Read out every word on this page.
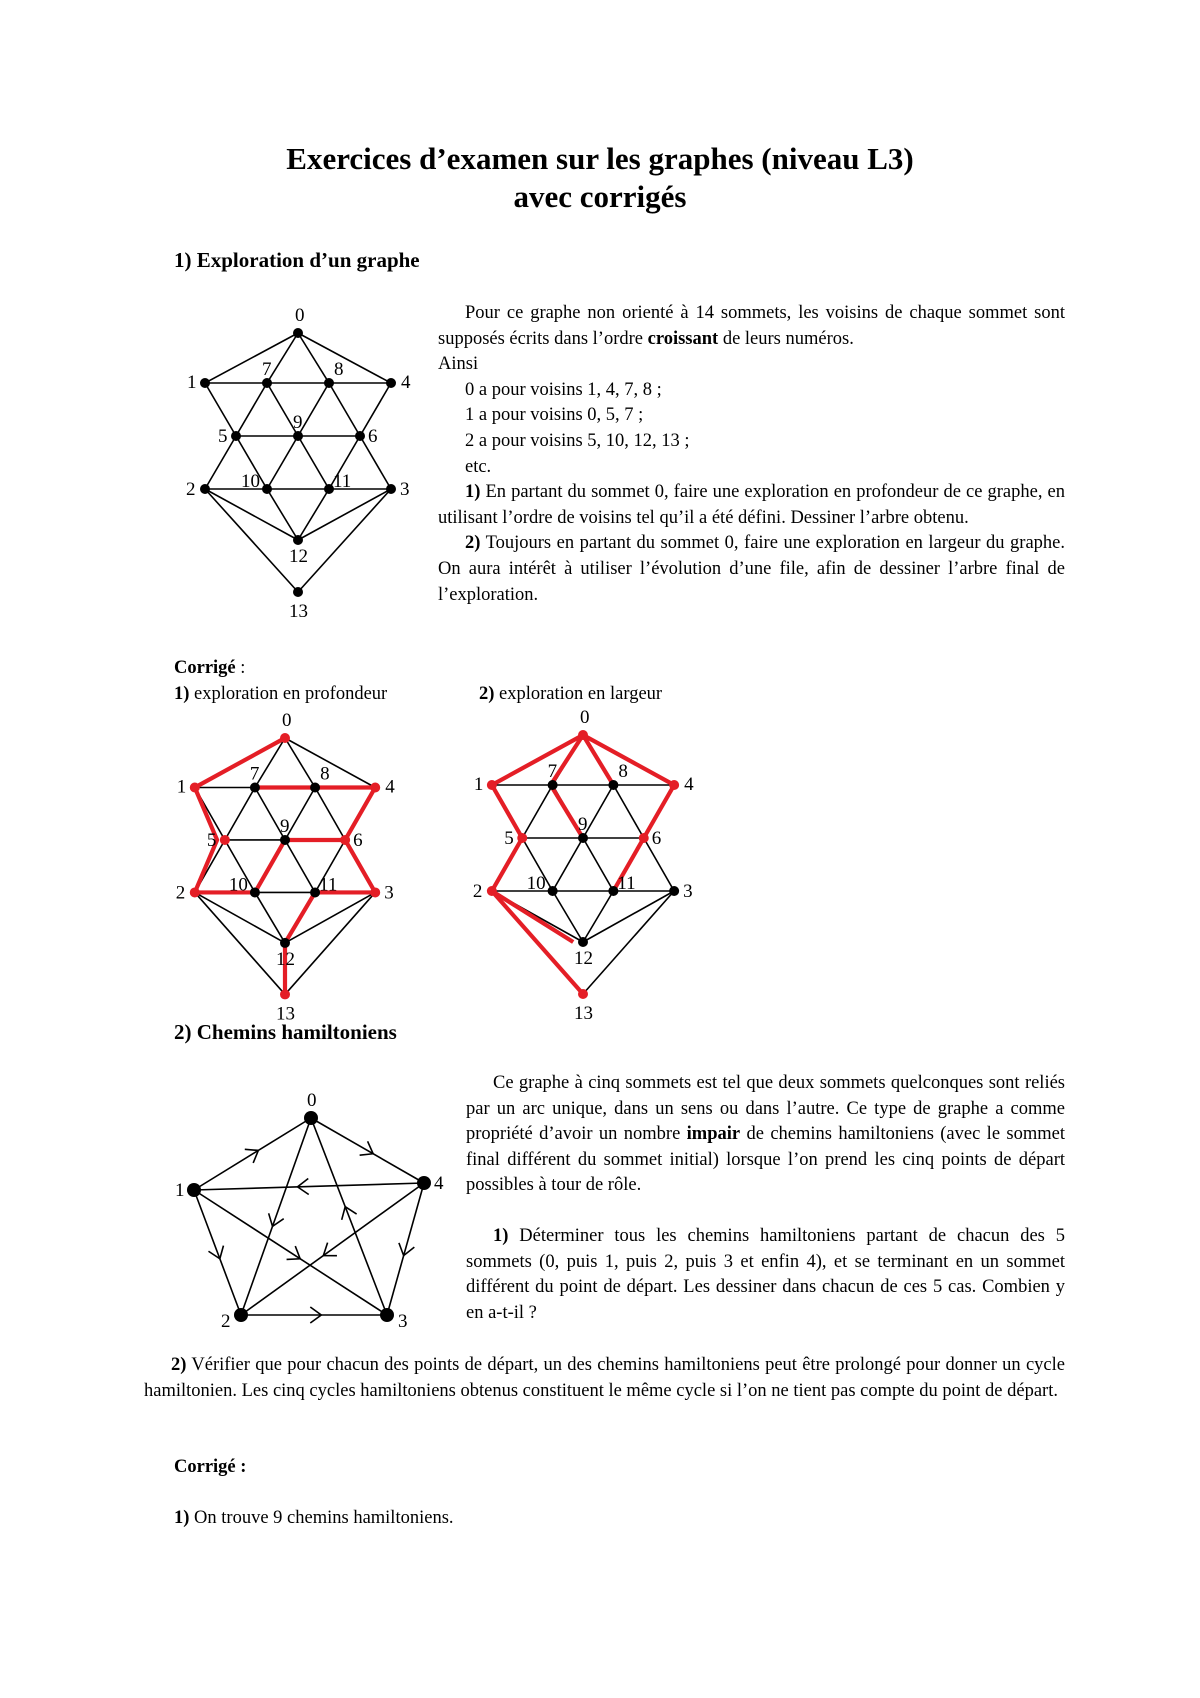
Exercices d’examen sur les graphes (niveau L3)
avec corrigés
1) Exploration d’un graphe
0
1
2	3
4
5	6
7	8
9
10	11
12
13

Pour ce graphe non orienté à 14 sommets, les voisins de chaque sommet sont supposés écrits dans l’ordre croissant de leurs numéros.

Ainsi

0 a pour voisins 1, 4, 7, 8 ;

1 a pour voisins 0, 5, 7 ;

2 a pour voisins 5, 10, 12, 13 ;

etc.

1) En partant du sommet 0, faire une exploration en profondeur de ce graphe, en utilisant l’ordre de voisins tel qu’il a été défini. Dessiner l’arbre obtenu.

2) Toujours en partant du sommet 0, faire une exploration en largeur du graphe. On aura intérêt à utiliser l’évolution d’une file, afin de dessiner l’arbre final de l’exploration.

Corrigé :
1) exploration en profondeur	2) exploration en largeur
0
1
2	3
4
5	6
7	8
9
10	11
12
13
0
1
2	3
4
5	6
7	8
9
10	11
12
13
2) Chemins hamiltoniens
0
1
2	3
4

Ce graphe à cinq sommets est tel que deux sommets quelconques sont reliés par un arc unique, dans un sens ou dans l’autre. Ce type de graphe a comme propriété d’avoir un nombre impair de chemins hamiltoniens (avec le sommet final différent du sommet initial) lorsque l’on prend les cinq points de départ possibles à tour de rôle.

1) Déterminer tous les chemins hamiltoniens partant de chacun des 5 sommets (0, puis 1, puis 2, puis 3 et enfin 4), et se terminant en un sommet différent du point de départ. Les dessiner dans chacun de ces 5 cas. Combien y en a-t-il ?

2) Vérifier que pour chacun des points de départ, un des chemins hamiltoniens peut être prolongé pour donner un cycle hamiltonien. Les cinq cycles hamiltoniens obtenus constituent le même cycle si l’on ne tient pas compte du point de départ.

Corrigé :
1) On trouve 9 chemins hamiltoniens.
